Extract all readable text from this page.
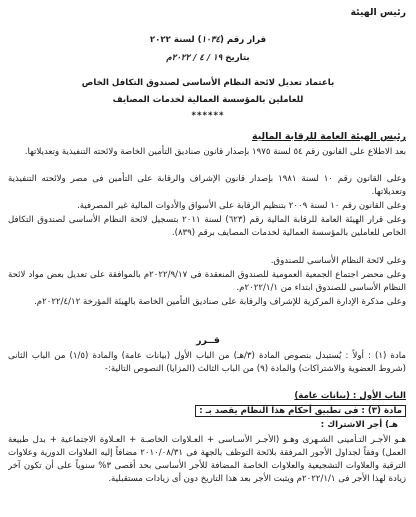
رئيس الهيئة
قرار رقم (١٠٣٤) لسنة ٢٠٢٢
بتاريخ ١٩ / ٤ / ٢٠٢٢م
باعتماد تعديل لائحة النظام الأساسى لصندوق التكافل الخاص
للعاملين بالمؤسسة العمالية لخدمات المصايف
******
رئيس الهيئة العامة للرقابة المالية
بعد الاطلاع على القانون رقم ٥٤ لسنة ١٩٧٥ بإصدار قانون صناديق التأمين الخاصة ولائحته التنفيذية وتعديلاتها.
وعلى القانون رقم ١٠ لسنة ١٩٨١ بإصدار قانون الإشراف والرقابة على التأمين فى مصر ولائحته التنفيذية وتعديلاتها.
وعلى القانون رقم ١٠ لسنة ٢٠٠٩ بتنظيم الرقابة على الأسواق والأدوات المالية غير المصرفية.
وعلى قرار الهيئة العامة للرقابة المالية رقم (٦٢٣) لسنة ٢٠١١ بتسجيل لائحة النظام الأساسى لصندوق التكافل الخاص للعاملين بالمؤسسة العمالية لخدمات المصايف برقم (٨٣٩).
وعلى لائحة النظام الأساسى للصندوق.
وعلى محضر اجتماع الجمعية العمومية للصندوق المنعقدة فى ٢٠٢٢/٩/١٧م بالموافقة على تعديل بعض مواد لائحة النظام الأساسى للصندوق ابتداء من ٢٠٢٢/١/١م.
وعلى مذكرة الإدارة المركزية للإشراف والرقابة على صناديق التأمين الخاصة بالهيئة المؤرخة ٢٠٢٢/٤/١٢م.
قــرر
مادة (١) : أولاً : يُستبدل بنصوص المادة (٣/هـ) من الباب الأول (بيانات عامة) والمادة (١/٥) من الباب الثانى (شروط العضوية والاشتراكات) والمادة (٩) من الباب الثالث (المزايا) النصوص التالية:-
الباب الأول : (بيانات عامة)
مادة (٣) : فى تطبيق أحكام هذا النظام يقصد بـ :
هـ) أجر الاشتراك :
هـو الأجـر التـأمينى الشـهرى وهـو (الأجـر الأسـاسى + العـلاوات الخاصـة + العـلاوة الاجتماعية + بدل طبيعة العمل) وفقاً لجداول الأجور المرفقة بلائحة التوظف بالجهة فى ٢٠١٠/٠٨/٣١ مضافاً إليه العلاوات الدورية وعلاوات الترقية والعلاوات التشجيعية والعلاوات الخاصة المضافة للأجر الأساسى بحد أقصى ٣% سنوياً على أن تكون آخر زيادة لهذا الأجر فى ٢٠٢٢/١/١م ويثبت الأجر بعد هذا التاريخ دون أى زيادات مستقبلية.
